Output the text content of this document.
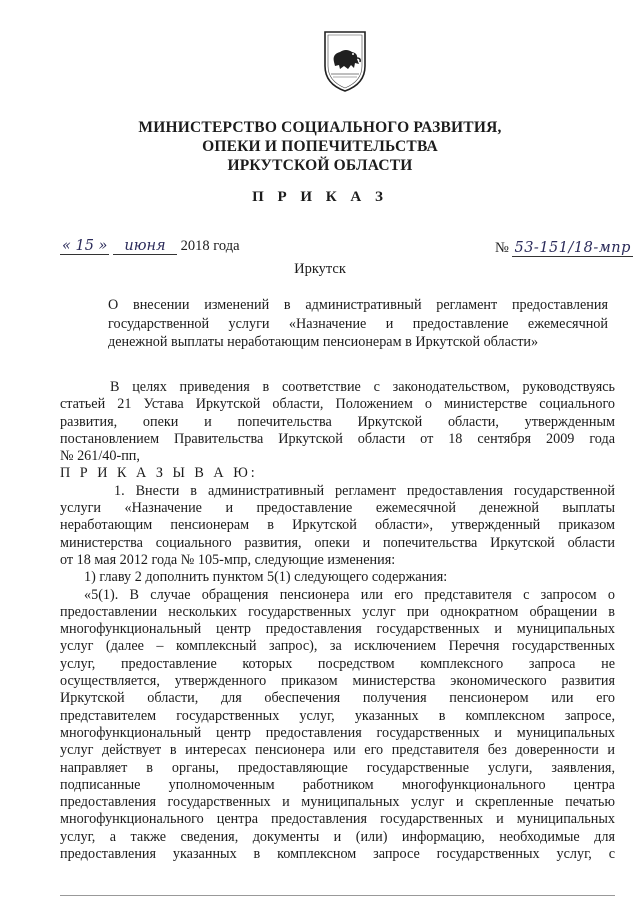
МИНИСТЕРСТВО СОЦИАЛЬНОГО РАЗВИТИЯ,
ОПЕКИ И ПОПЕЧИТЕЛЬСТВА
ИРКУТСКОЙ ОБЛАСТИ
П Р И К А З
« 15 » июня 2018 года	№ 53-151/18-мпр
Иркутск
О внесении изменений в административный регламент предоставления
государственной услуги «Назначение и предоставление ежемесячной
денежной выплаты неработающим пенсионерам в Иркутской области»
В целях приведения в соответствие с законодательством, руководствуясь
статьей 21 Устава Иркутской области, Положением о министерстве социального
развития, опеки и попечительства Иркутской области, утвержденным
постановлением Правительства Иркутской области от 18 сентября 2009 года
№ 261/40-пп,
П Р И К А З Ы В А Ю:
1. Внести в административный регламент предоставления государственной
услуги «Назначение и предоставление ежемесячной денежной выплаты
неработающим пенсионерам в Иркутской области», утвержденный приказом
министерства социального развития, опеки и попечительства Иркутской области
от 18 мая 2012 года № 105-мпр, следующие изменения:
1) главу 2 дополнить пунктом 5(1) следующего содержания:
«5(1). В случае обращения пенсионера или его представителя с запросом о
предоставлении нескольких государственных услуг при однократном обращении в
многофункциональный центр предоставления государственных и муниципальных
услуг (далее – комплексный запрос), за исключением Перечня государственных
услуг, предоставление которых посредством комплексного запроса не
осуществляется, утвержденного приказом министерства экономического развития
Иркутской области, для обеспечения получения пенсионером или его
представителем государственных услуг, указанных в комплексном запросе,
многофункциональный центр предоставления государственных и муниципальных
услуг действует в интересах пенсионера или его представителя без доверенности и
направляет в органы, предоставляющие государственные услуги, заявления,
подписанные уполномоченным работником многофункционального центра
предоставления государственных и муниципальных услуг и скрепленные печатью
многофункционального центра предоставления государственных и муниципальных
услуг, а также сведения, документы и (или) информацию, необходимые для
предоставления указанных в комплексном запросе государственных услуг, с
